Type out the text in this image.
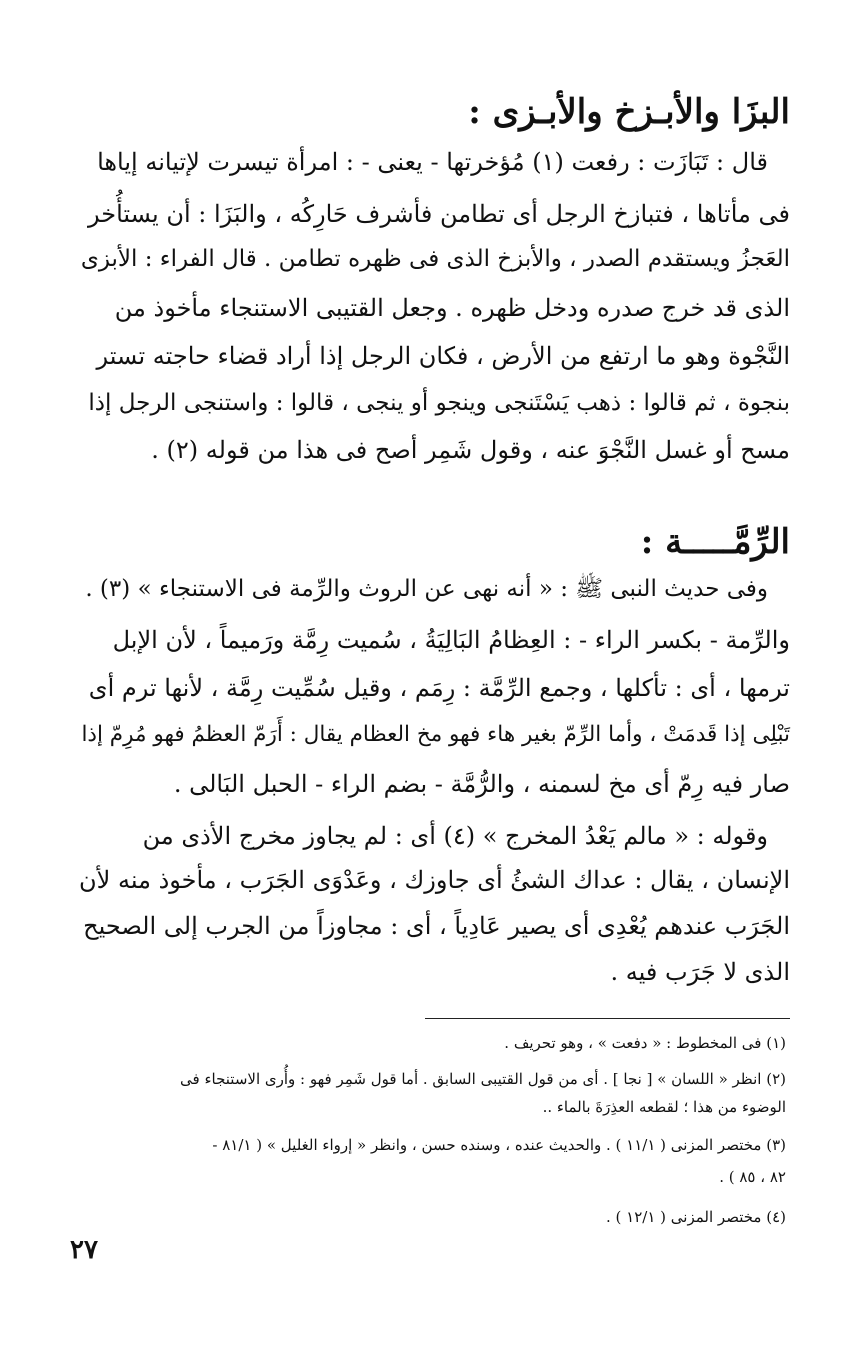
البزَا والأبـزخ والأبـزى :
قال : تَبَازَت : رفعت (١) مُؤخرتها - يعنى - : امرأة تيسرت لإتيانه إياها
فى مأتاها ، فتبازخ الرجل أى تطامن فأشرف حَارِكُه ، والبَزَا : أن يستأُخر
العَجزُ ويستقدم الصدر ، والأبزخ الذى فى ظهره تطامن . قال الفراء : الأبزى
الذى قد خرج صدره ودخل ظهره . وجعل القتيبى الاستنجاء مأخوذ من
النَّجْوة وهو ما ارتفع من الأرض ، فكان الرجل إذا أراد قضاء حاجته تستر
بنجوة ، ثم قالوا : ذهب يَسْتَنجى وينجو أو ينجى ، قالوا : واستنجى الرجل إذا
مسح أو غسل النَّجْوَ عنه ، وقول شَمِر أصح فى هذا من قوله (٢) .
الرِّمَّـــــة :
وفى حديث النبى ﷺ : « أنه نهى عن الروث والرِّمة فى الاستنجاء » (٣) .
والرِّمة - بكسر الراء - : العِظامُ البَالِيَةُ ، سُميت رِمَّة ورَميماً ، لأن الإبل
ترمها ، أى : تأكلها ، وجمع الرِّمَّة : رِمَم ، وقيل سُمِّيت رِمَّة ، لأنها ترم أى
تَبْلِى إذا قَدمَتْ ، وأما الرِّمّ بغير هاء فهو مخ العظام يقال : أَرَمّ العظمُ فهو مُرِمّ إذا
صار فيه رِمّ أى مخ لسمنه ، والرُّمَّة - بضم الراء - الحبل البَالى .
وقوله : « مالم يَعْدُ المخرج » (٤) أى : لم يجاوز مخرج الأذى من
الإنسان ، يقال : عداك الشئُ أى جاوزك ، وعَدْوَى الجَرَب ، مأخوذ منه لأن
الجَرَب عندهم يُعْدِى أى يصير عَادِياً ، أى : مجاوزاً من الجرب إلى الصحيح
الذى لا جَرَب فيه .
(١) فى المخطوط : « دفعت » ، وهو تحريف .
(٢) انظر « اللسان » [ نجا ] . أى من قول القتيبى السابق . أما قول شَمِر فهو : وأُرى الاستنجاء فى
الوضوء من هذا ؛ لقطعه العذِرَةَ بالماء ..
(٣) مختصر المزنى ( ١١/١ ) . والحديث عنده ، وسنده حسن ، وانظر « إرواء الغليل » ( ٨١/١ -
٨٢ ، ٨٥ ) .
(٤) مختصر المزنى ( ١٢/١ ) .
٢٧
